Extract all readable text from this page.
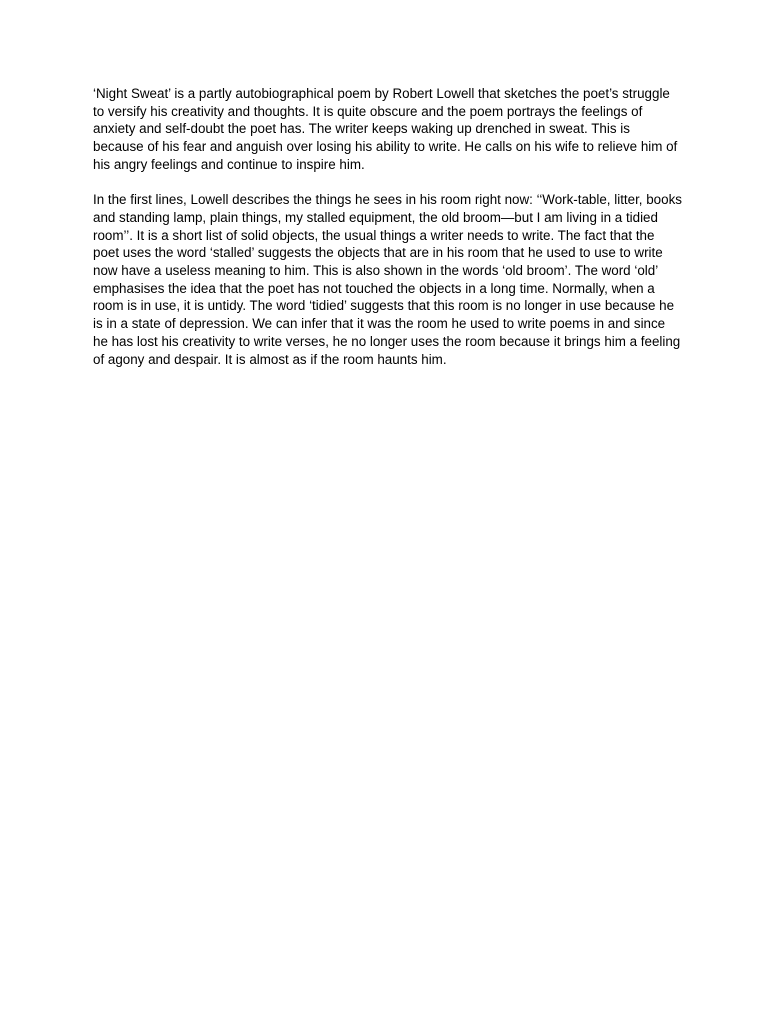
‘Night Sweat’ is a partly autobiographical poem by Robert Lowell that sketches the poet’s struggle to versify his creativity and thoughts. It is quite obscure and the poem portrays the feelings of anxiety and self-doubt the poet has. The writer keeps waking up drenched in sweat. This is because of his fear and anguish over losing his ability to write. He calls on his wife to relieve him of his angry feelings and continue to inspire him.

In the first lines, Lowell describes the things he sees in his room right now: ‘‘Work-table, litter, books and standing lamp, plain things, my stalled equipment, the old broom—but I am living in a tidied room’’. It is a short list of solid objects, the usual things a writer needs to write. The fact that the poet uses the word ‘stalled’ suggests the objects that are in his room that he used to use to write now have a useless meaning to him. This is also shown in the words ‘old broom’. The word ‘old’ emphasises the idea that the poet has not touched the objects in a long time. Normally, when a room is in use, it is untidy. The word ‘tidied’ suggests that this room is no longer in use because he is in a state of depression. We can infer that it was the room he used to write poems in and since he has lost his creativity to write verses, he no longer uses the room because it brings him a feeling of agony and despair. It is almost as if the room haunts him.
